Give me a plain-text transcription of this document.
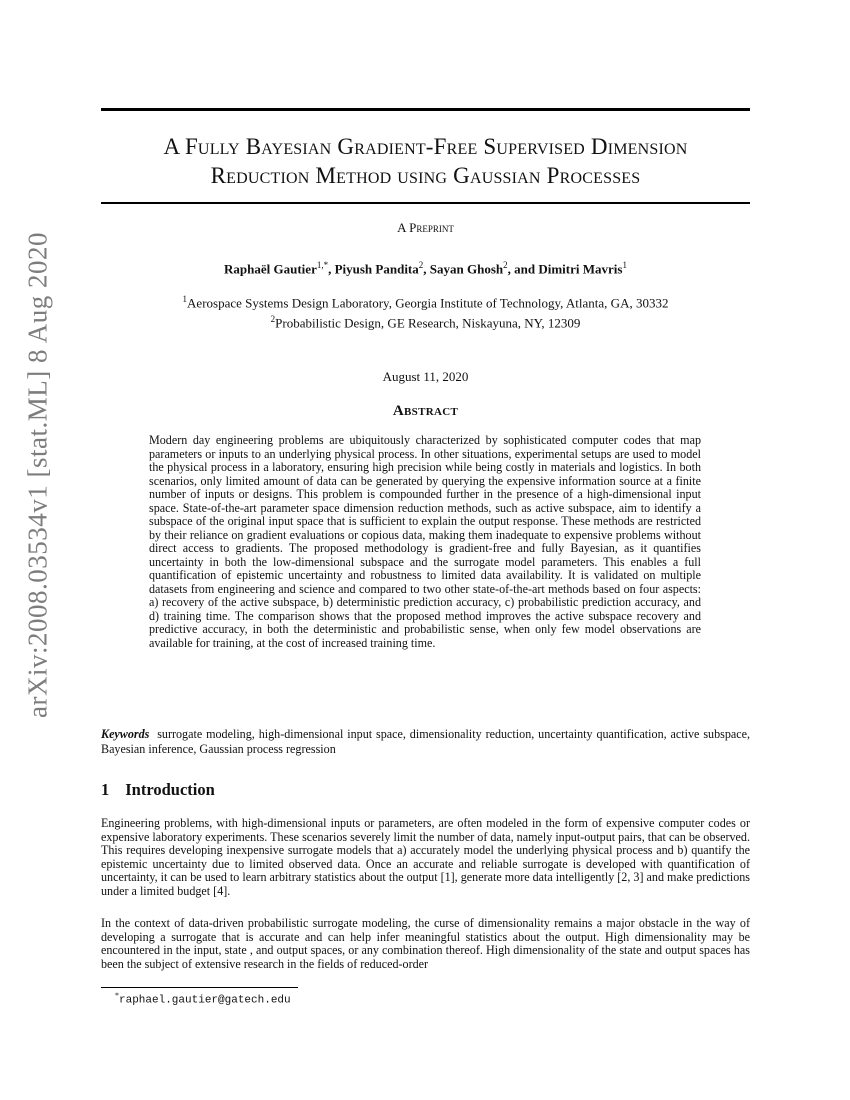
arXiv:2008.03534v1 [stat.ML] 8 Aug 2020
A Fully Bayesian Gradient-Free Supervised Dimension
Reduction Method using Gaussian Processes
A Preprint
Raphaël Gautier$^{1,*}$, Piyush Pandita$^2$, Sayan Ghosh$^2$, and Dimitri Mavris$^1$
$^1$Aerospace Systems Design Laboratory, Georgia Institute of Technology, Atlanta, GA, 30332
$^2$Probabilistic Design, GE Research, Niskayuna, NY, 12309
August 11, 2020
Abstract
Modern day engineering problems are ubiquitously characterized by sophisticated computer codes that map parameters or inputs to an underlying physical process. In other situations, experimental setups are used to model the physical process in a laboratory, ensuring high precision while being costly in materials and logistics. In both scenarios, only limited amount of data can be generated by querying the expensive information source at a finite number of inputs or designs. This problem is compounded further in the presence of a high-dimensional input space. State-of-the-art parameter space dimension reduction methods, such as active subspace, aim to identify a subspace of the original input space that is sufficient to explain the output response. These methods are restricted by their reliance on gradient evaluations or copious data, making them inadequate to expensive problems without direct access to gradients. The proposed methodology is gradient-free and fully Bayesian, as it quantifies uncertainty in both the low-dimensional subspace and the surrogate model parameters. This enables a full quantification of epistemic uncertainty and robustness to limited data availability. It is validated on multiple datasets from engineering and science and compared to two other state-of-the-art methods based on four aspects: a) recovery of the active subspace, b) deterministic prediction accuracy, c) probabilistic prediction accuracy, and d) training time. The comparison shows that the proposed method improves the active subspace recovery and predictive accuracy, in both the deterministic and probabilistic sense, when only few model observations are available for training, at the cost of increased training time.
Keywords surrogate modeling, high-dimensional input space, dimensionality reduction, uncertainty quantification, active subspace, Bayesian inference, Gaussian process regression
1 Introduction
Engineering problems, with high-dimensional inputs or parameters, are often modeled in the form of expensive computer codes or expensive laboratory experiments. These scenarios severely limit the number of data, namely input-output pairs, that can be observed. This requires developing inexpensive surrogate models that a) accurately model the underlying physical process and b) quantify the epistemic uncertainty due to limited observed data. Once an accurate and reliable surrogate is developed with quantification of uncertainty, it can be used to learn arbitrary statistics about the output [1], generate more data intelligently [2, 3] and make predictions under a limited budget [4].
In the context of data-driven probabilistic surrogate modeling, the curse of dimensionality remains a major obstacle in the way of developing a surrogate that is accurate and can help infer meaningful statistics about the output. High dimensionality may be encountered in the input, state , and output spaces, or any combination thereof. High dimensionality of the state and output spaces has been the subject of extensive research in the fields of reduced-order
*raphael.gautier@gatech.edu
